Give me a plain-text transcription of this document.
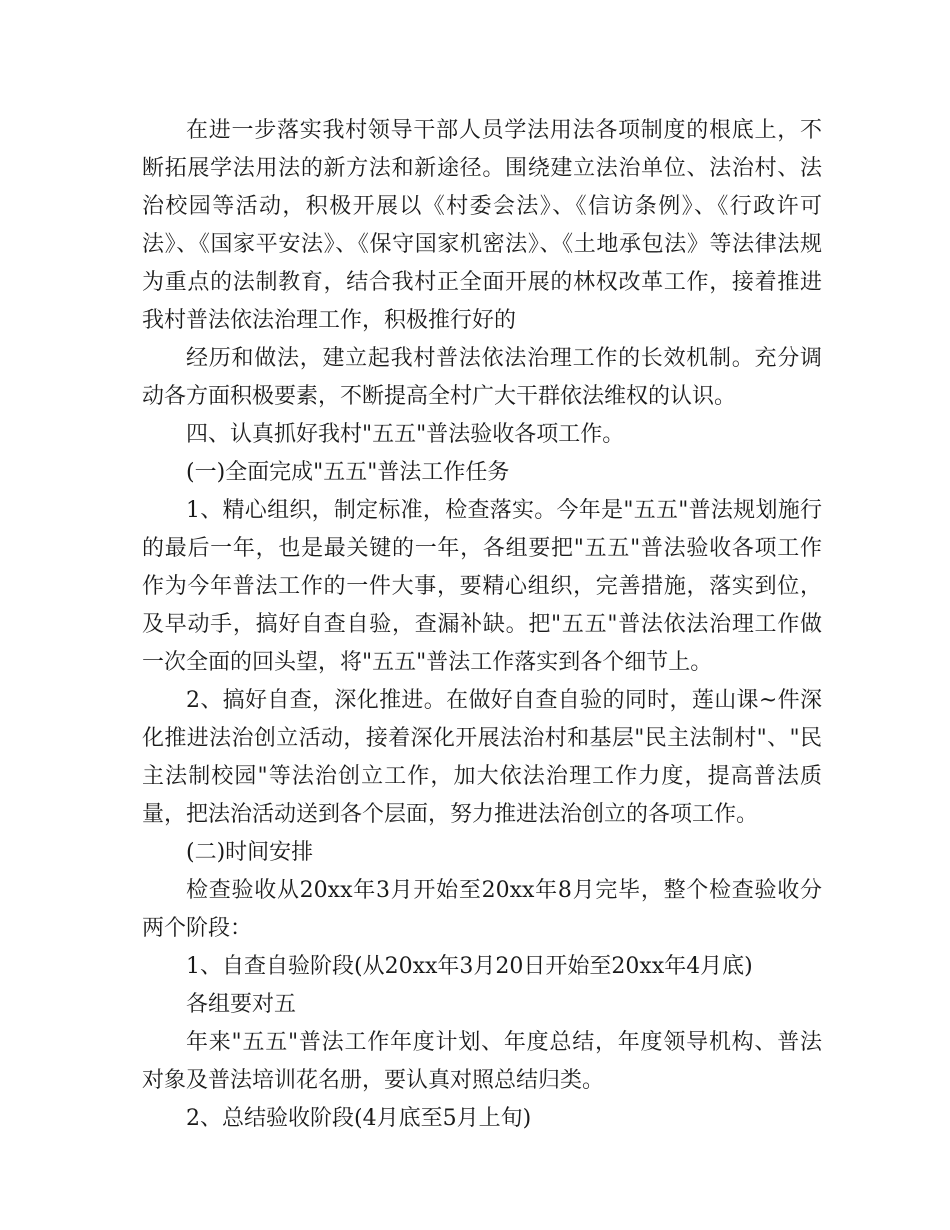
在进一步落实我村领导干部人员学法用法各项制度的根底上，不断拓展学法用法的新方法和新途径。围绕建立法治单位、法治村、法治校园等活动，积极开展以《村委会法》、《信访条例》、《行政许可法》、《国家平安法》、《保守国家机密法》、《土地承包法》等法律法规为重点的法制教育，结合我村正全面开展的林权改革工作，接着推进我村普法依法治理工作，积极推行好的

经历和做法，建立起我村普法依法治理工作的长效机制。充分调动各方面积极要素，不断提高全村广大干群依法维权的认识。

四、认真抓好我村"五五"普法验收各项工作。

(一)全面完成"五五"普法工作任务

1、精心组织，制定标准，检查落实。今年是"五五"普法规划施行的最后一年，也是最关键的一年，各组要把"五五"普法验收各项工作作为今年普法工作的一件大事，要精心组织，完善措施，落实到位，及早动手，搞好自查自验，查漏补缺。把"五五"普法依法治理工作做一次全面的回头望，将"五五"普法工作落实到各个细节上。

2、搞好自查，深化推进。在做好自查自验的同时，莲山课~件深化推进法治创立活动，接着深化开展法治村和基层"民主法制村"、"民主法制校园"等法治创立工作，加大依法治理工作力度，提高普法质量，把法治活动送到各个层面，努力推进法治创立的各项工作。

(二)时间安排

检查验收从20xx年3月开始至20xx年8月完毕，整个检查验收分两个阶段：

1、自查自验阶段(从20xx年3月20日开始至20xx年4月底)

各组要对五

年来"五五"普法工作年度计划、年度总结，年度领导机构、普法对象及普法培训花名册，要认真对照总结归类。

2、总结验收阶段(4月底至5月上旬)
